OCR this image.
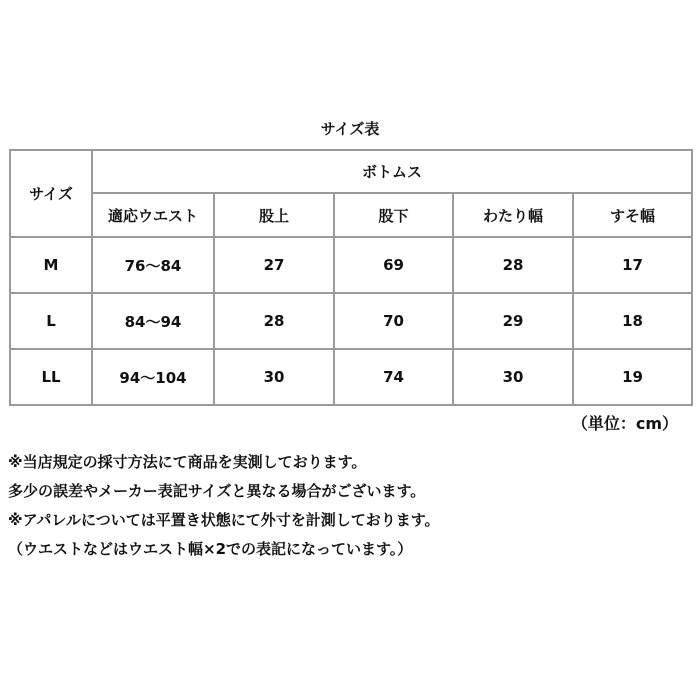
サイズ表
サイズ	ボトムス				
	適応ウエスト	股上	股下	わたり幅	すそ幅
M	76～84	27	69	28	17
L	84～94	28	70	29	18
LL	94～104	30	74	30	19
（単位：cm）
※当店規定の採寸方法にて商品を実測しております。
多少の誤差やメーカー表記サイズと異なる場合がございます。
※アパレルについては平置き状態にて外寸を計測しております。
（ウエストなどはウエスト幅×2での表記になっています。）
